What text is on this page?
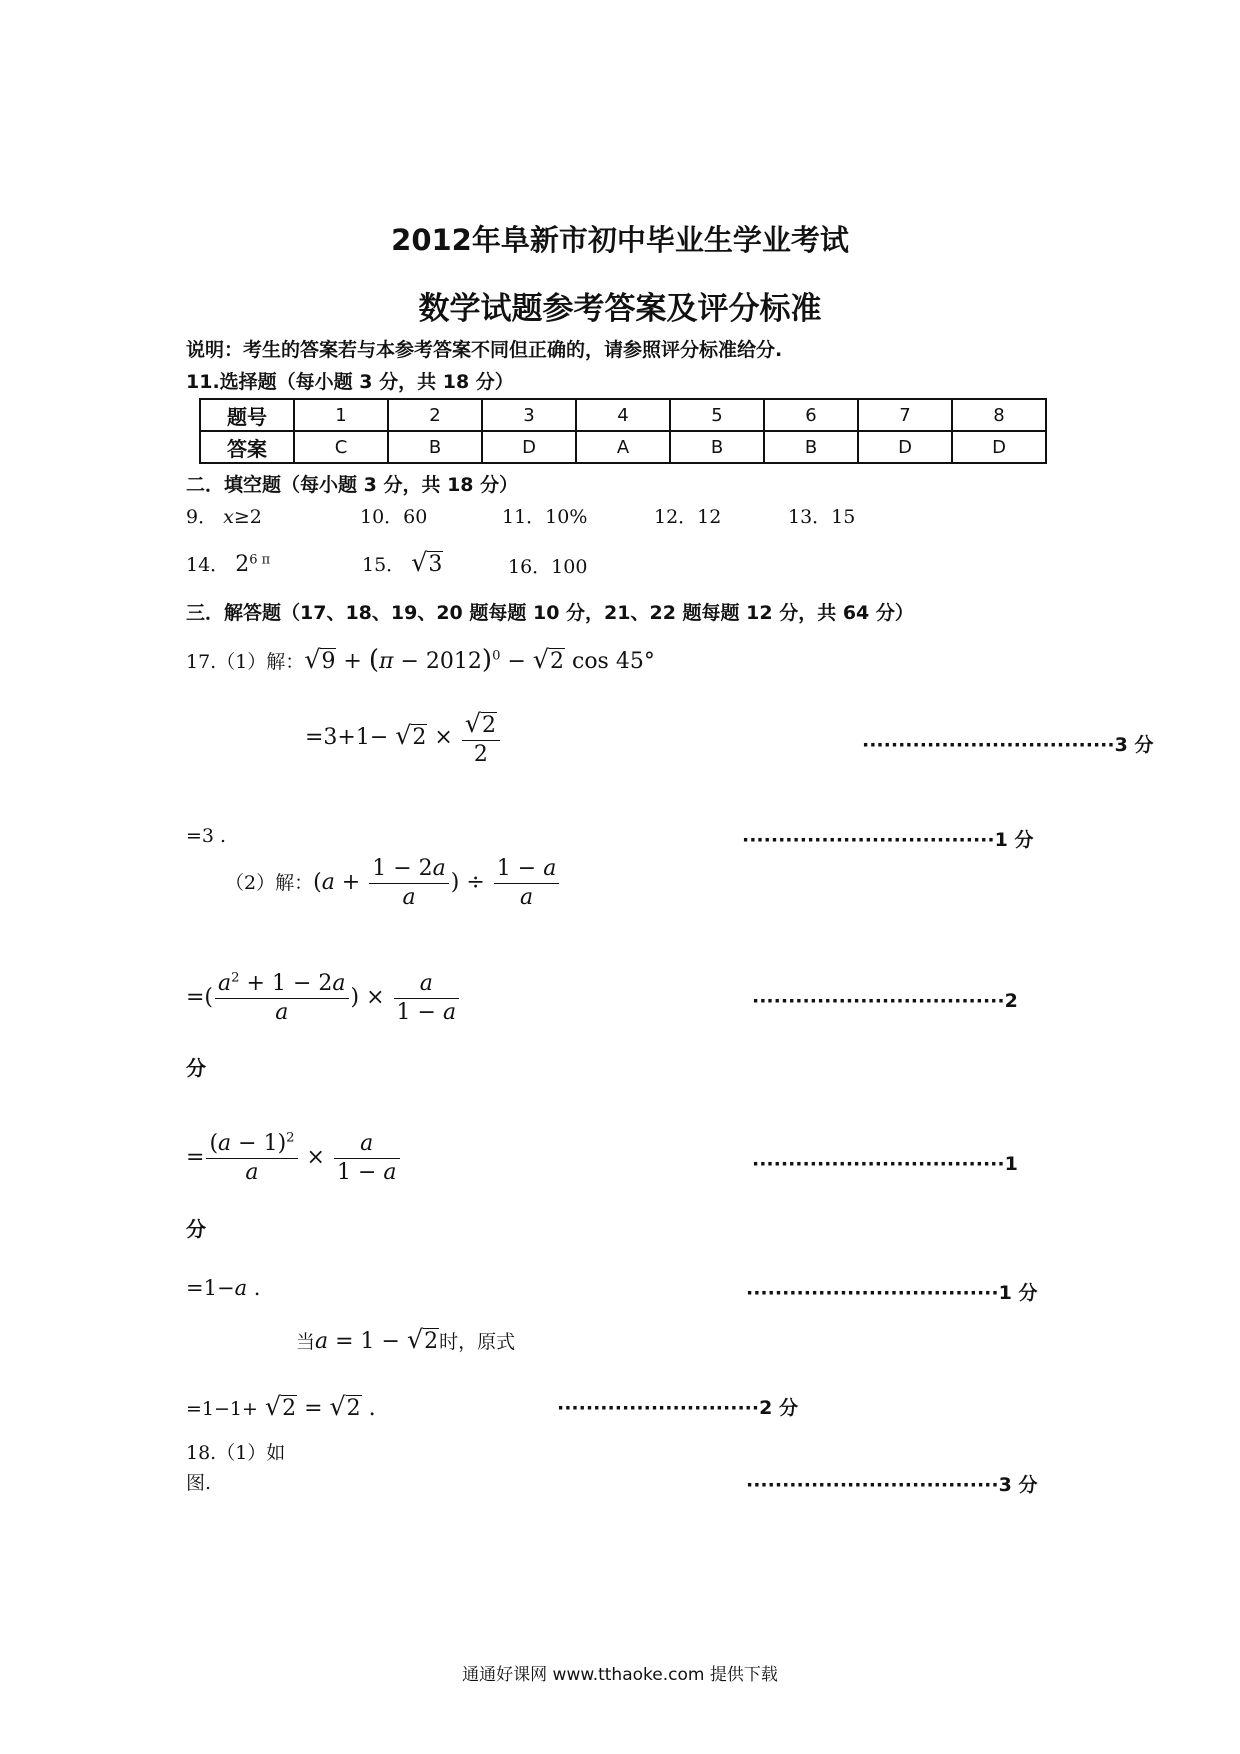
2012年阜新市初中毕业生学业考试
数学试题参考答案及评分标准
说明：考生的答案若与本参考答案不同但正确的，请参照评分标准给分.
11.选择题（每小题 3 分，共 18 分）
题号	1	2	3	4	5	6	7	8
答案	C	B	D	A	B	B	D	D
二．填空题（每小题 3 分，共 18 分）
9． x≥2	10．60	11．10%	12．12	13．15
14． $2^{6 \pi}$	15． √3	16．100
三．解答题（17、18、19、20 题每题 10 分，21、22 题每题 12 分，共 64 分）
17.（1）解：$√9 + (\pi - 2012)^0 - √2$ cos 45°
$=3+1- √2 \times \frac{√2}{2}$	···································3 分
=3 .	···································1 分
（2）解：($a + \frac{1 - 2a}{a}$ ) ÷ $\frac{1 - a}{a}$
=( $\frac{a^2 + 1 - 2a}{a}$ ) × $\frac{a}{1 - a}$	···································2
分
= $\frac{(a - 1)^2}{a} \times \frac{a}{1 - a}$	···································1
分
=1−a .	···································1 分
当a = 1 − √2时，原式
=1−1+ √2 = √2 .	····························2 分
18.（1）如
图.	···································3 分
通通好课网 www.tthaoke.com 提供下载
